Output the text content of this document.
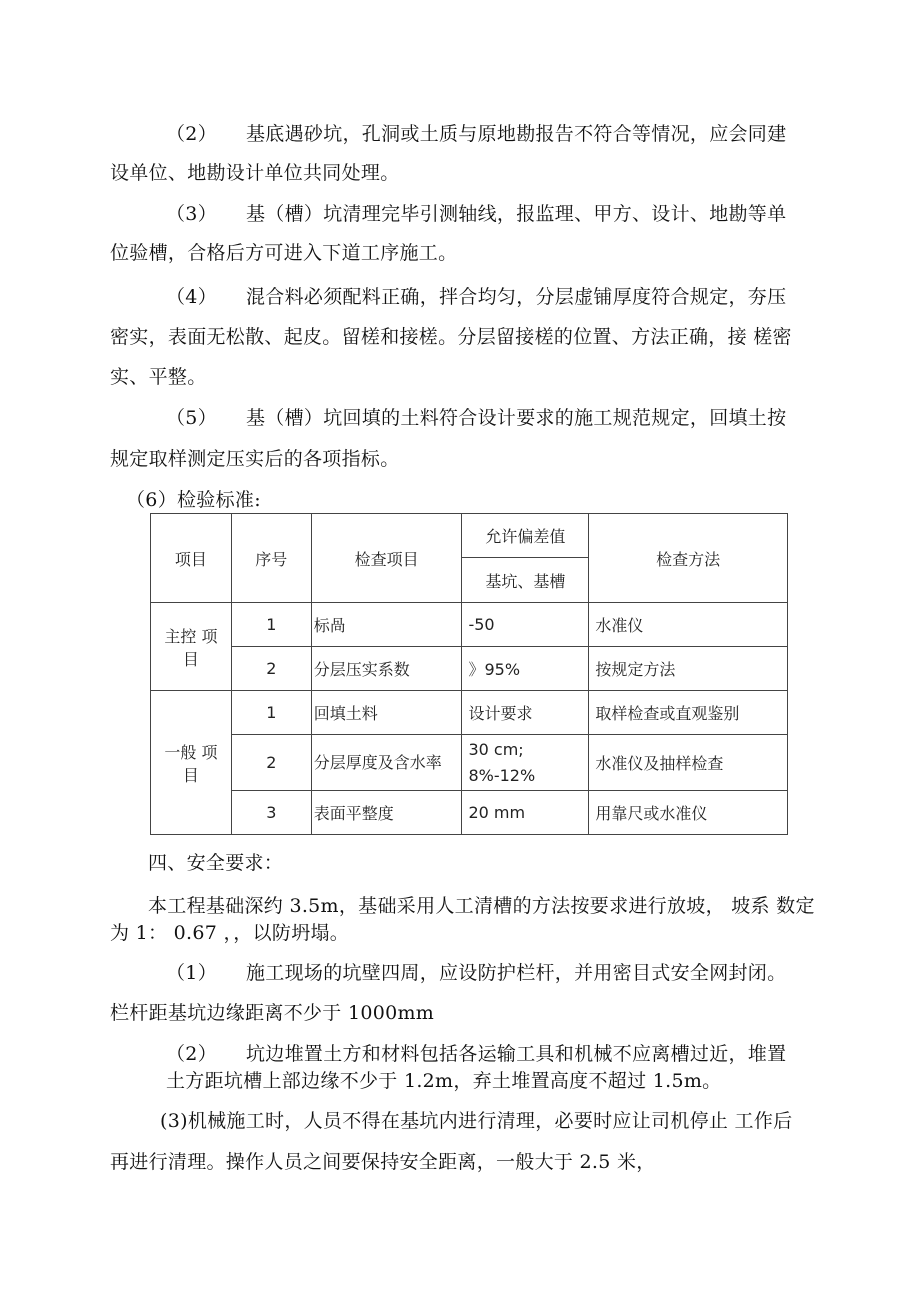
（2） 基底遇砂坑，孔洞或土质与原地勘报告不符合等情况，应会同建
设单位、地勘设计单位共同处理。
（3） 基（槽）坑清理完毕引测轴线，报监理、甲方、设计、地勘等单
位验槽，合格后方可进入下道工序施工。
（4） 混合料必须配料正确，拌合均匀，分层虚铺厚度符合规定，夯压
密实，表面无松散、起皮。留槎和接槎。分层留接槎的位置、方法正确，接 槎密
实、平整。
（5） 基（槽）坑回填的土料符合设计要求的施工规范规定，回填土按
规定取样测定压实后的各项指标。
（6）检验标准:
项目	序号	检查项目	允许偏差值	检查方法
			基坑、基槽	
主控 项目	1	标咼	-50	水准仪
	2	分层压实系数	》95%	按规定方法
一般 项目	1	回填土料	设计要求	取样检查或直观鉴别
	2	分层厚度及含水率	30 cm;
8%-12%	水准仪及抽样检查
	3	表面平整度	20 mm	用靠尺或水准仪
四、安全要求：
本工程基础深约 3.5m，基础采用人工清槽的方法按要求进行放坡， 坡系 数定
为 1： 0.67 ，，以防坍塌。
（1） 施工现场的坑壁四周，应设防护栏杆，并用密目式安全网封闭。
栏杆距基坑边缘距离不少于 1000mm
（2） 坑边堆置土方和材料包括各运输工具和机械不应离槽过近，堆置
土方距坑槽上部边缘不少于 1.2m，弃土堆置高度不超过 1.5m。
(3)机械施工时，人员不得在基坑内进行清理，必要时应让司机停止 工作后
再进行清理。操作人员之间要保持安全距离，一般大于 2.5 米，
